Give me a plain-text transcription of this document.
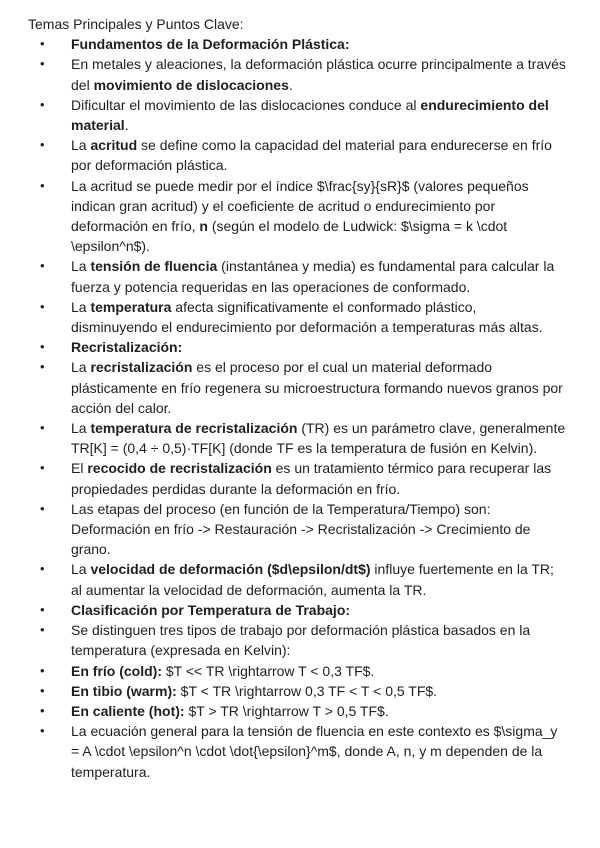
Temas Principales y Puntos Clave:
• Fundamentos de la Deformación Plástica:
• En metales y aleaciones, la deformación plástica ocurre principalmente a través del movimiento de dislocaciones.
• Dificultar el movimiento de las dislocaciones conduce al endurecimiento del material.
• La acritud se define como la capacidad del material para endurecerse en frío por deformación plástica.
• La acritud se puede medir por el índice $\frac{sy}{sR}$ (valores pequeños indican gran acritud) y el coeficiente de acritud o endurecimiento por deformación en frío, n (según el modelo de Ludwick: $\sigma = k \cdot \epsilon^n$).
• La tensión de fluencia (instantánea y media) es fundamental para calcular la fuerza y potencia requeridas en las operaciones de conformado.
• La temperatura afecta significativamente el conformado plástico, disminuyendo el endurecimiento por deformación a temperaturas más altas.
• Recristalización:
• La recristalización es el proceso por el cual un material deformado plásticamente en frío regenera su microestructura formando nuevos granos por acción del calor.
• La temperatura de recristalización (TR) es un parámetro clave, generalmente TR[K] = (0,4 ÷ 0,5)·TF[K] (donde TF es la temperatura de fusión en Kelvin).
• El recocido de recristalización es un tratamiento térmico para recuperar las propiedades perdidas durante la deformación en frío.
• Las etapas del proceso (en función de la Temperatura/Tiempo) son: Deformación en frío -> Restauración -> Recristalización -> Crecimiento de grano.
• La velocidad de deformación ($d\epsilon/dt$) influye fuertemente en la TR; al aumentar la velocidad de deformación, aumenta la TR.
• Clasificación por Temperatura de Trabajo:
• Se distinguen tres tipos de trabajo por deformación plástica basados en la temperatura (expresada en Kelvin):
• En frío (cold): $T << TR \rightarrow T < 0,3 TF$.
• En tibio (warm): $T < TR \rightarrow 0,3 TF < T < 0,5 TF$.
• En caliente (hot): $T > TR \rightarrow T > 0,5 TF$.
• La ecuación general para la tensión de fluencia en este contexto es $\sigma_y = A \cdot \epsilon^n \cdot \dot{\epsilon}^m$, donde A, n, y m dependen de la temperatura.
